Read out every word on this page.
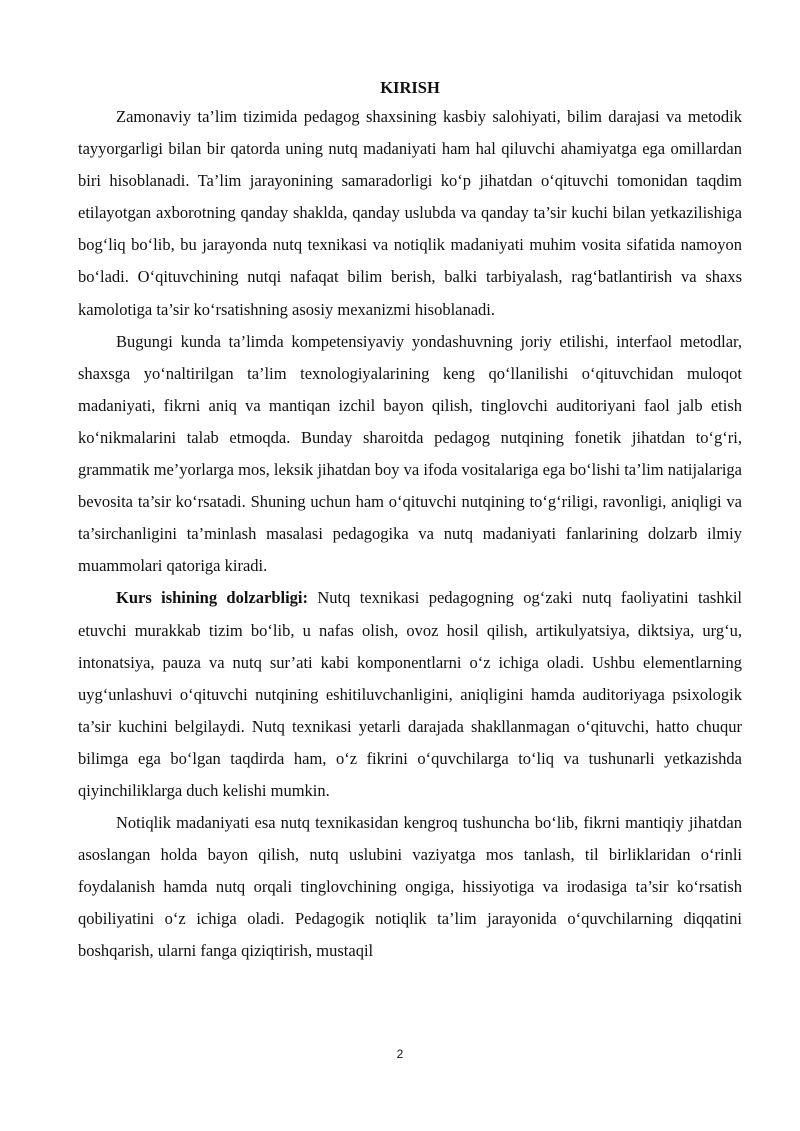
KIRISH

Zamonaviy ta’lim tizimida pedagog shaxsining kasbiy salohiyati, bilim darajasi va metodik tayyorgarligi bilan bir qatorda uning nutq madaniyati ham hal qiluvchi ahamiyatga ega omillardan biri hisoblanadi. Ta’lim jarayonining samaradorligi ko‘p jihatdan o‘qituvchi tomonidan taqdim etilayotgan axborotning qanday shaklda, qanday uslubda va qanday ta’sir kuchi bilan yetkazilishiga bog‘liq bo‘lib, bu jarayonda nutq texnikasi va notiqlik madaniyati muhim vosita sifatida namoyon bo‘ladi. O‘qituvchining nutqi nafaqat bilim berish, balki tarbiyalash, rag‘batlantirish va shaxs kamolotiga ta’sir ko‘rsatishning asosiy mexanizmi hisoblanadi.

Bugungi kunda ta’limda kompetensiyaviy yondashuvning joriy etilishi, interfaol metodlar, shaxsga yo‘naltirilgan ta’lim texnologiyalarining keng qo‘llanilishi o‘qituvchidan muloqot madaniyati, fikrni aniq va mantiqan izchil bayon qilish, tinglovchi auditoriyani faol jalb etish ko‘nikmalarini talab etmoqda. Bunday sharoitda pedagog nutqining fonetik jihatdan to‘g‘ri, grammatik me’yorlarga mos, leksik jihatdan boy va ifoda vositalariga ega bo‘lishi ta’lim natijalariga bevosita ta’sir ko‘rsatadi. Shuning uchun ham o‘qituvchi nutqining to‘g‘riligi, ravonligi, aniqligi va ta’sirchanligini ta’minlash masalasi pedagogika va nutq madaniyati fanlarining dolzarb ilmiy muammolari qatoriga kiradi.

Kurs ishining dolzarbligi: Nutq texnikasi pedagogning og‘zaki nutq faoliyatini tashkil etuvchi murakkab tizim bo‘lib, u nafas olish, ovoz hosil qilish, artikulyatsiya, diktsiya, urg‘u, intonatsiya, pauza va nutq sur’ati kabi komponentlarni o‘z ichiga oladi. Ushbu elementlarning uyg‘unlashuvi o‘qituvchi nutqining eshitiluvchanligini, aniqligini hamda auditoriyaga psixologik ta’sir kuchini belgilaydi. Nutq texnikasi yetarli darajada shakllanmagan o‘qituvchi, hatto chuqur bilimga ega bo‘lgan taqdirda ham, o‘z fikrini o‘quvchilarga to‘liq va tushunarli yetkazishda qiyinchiliklarga duch kelishi mumkin.

Notiqlik madaniyati esa nutq texnikasidan kengroq tushuncha bo‘lib, fikrni mantiqiy jihatdan asoslangan holda bayon qilish, nutq uslubini vaziyatga mos tanlash, til birliklaridan o‘rinli foydalanish hamda nutq orqali tinglovchining ongiga, hissiyotiga va irodasiga ta’sir ko‘rsatish qobiliyatini o‘z ichiga oladi. Pedagogik notiqlik ta’lim jarayonida o‘quvchilarning diqqatini boshqarish, ularni fanga qiziqtirish, mustaqil

2
